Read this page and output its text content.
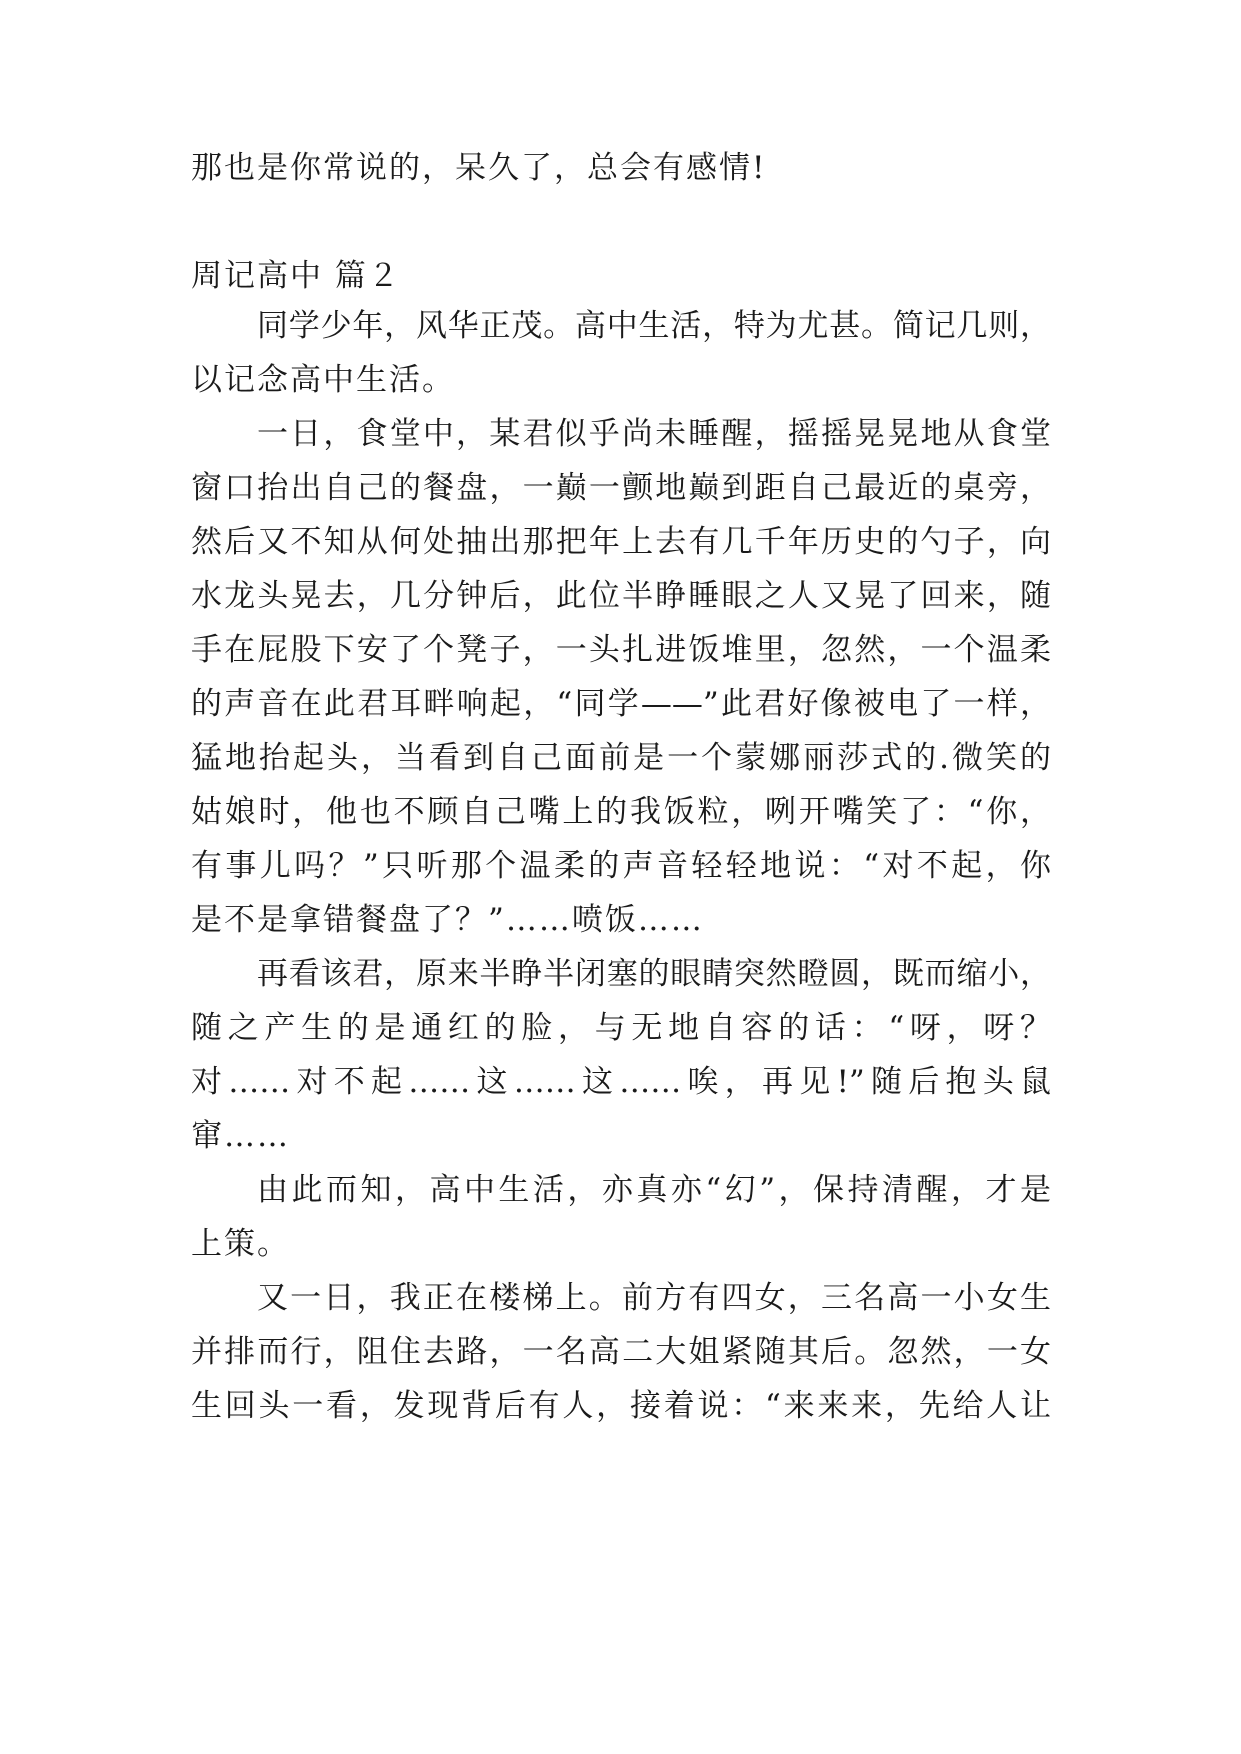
那也是你常说的，呆久了，总会有感情!
周记高中 篇２
同学少年，风华正茂。高中生活，特为尤甚。简记几则，
以记念高中生活。
一日，食堂中，某君似乎尚未睡醒，摇摇晃晃地从食堂
窗口抬出自己的餐盘，一巅一颤地巅到距自己最近的桌旁，
然后又不知从何处抽出那把年上去有几千年历史的勺子，向
水龙头晃去，几分钟后，此位半睁睡眼之人又晃了回来，随
手在屁股下安了个凳子，一头扎进饭堆里，忽然，一个温柔
的声音在此君耳畔响起，“同学——”此君好像被电了一样，
猛地抬起头，当看到自己面前是一个蒙娜丽莎式的.微笑的
姑娘时，他也不顾自己嘴上的我饭粒，咧开嘴笑了：“你，
有事儿吗？”只听那个温柔的声音轻轻地说：“对不起，你
是不是拿错餐盘了？”……喷饭……
再看该君，原来半睁半闭塞的眼睛突然瞪圆，既而缩小，
随之产生的是通红的脸，与无地自容的话：“呀，呀？
对……对不起……这……这……唉，再见!”随后抱头鼠
窜……
由此而知，高中生活，亦真亦“幻”，保持清醒，才是
上策。
又一日，我正在楼梯上。前方有四女，三名高一小女生
并排而行，阻住去路，一名高二大姐紧随其后。忽然，一女
生回头一看，发现背后有人，接着说：“来来来，先给人让
